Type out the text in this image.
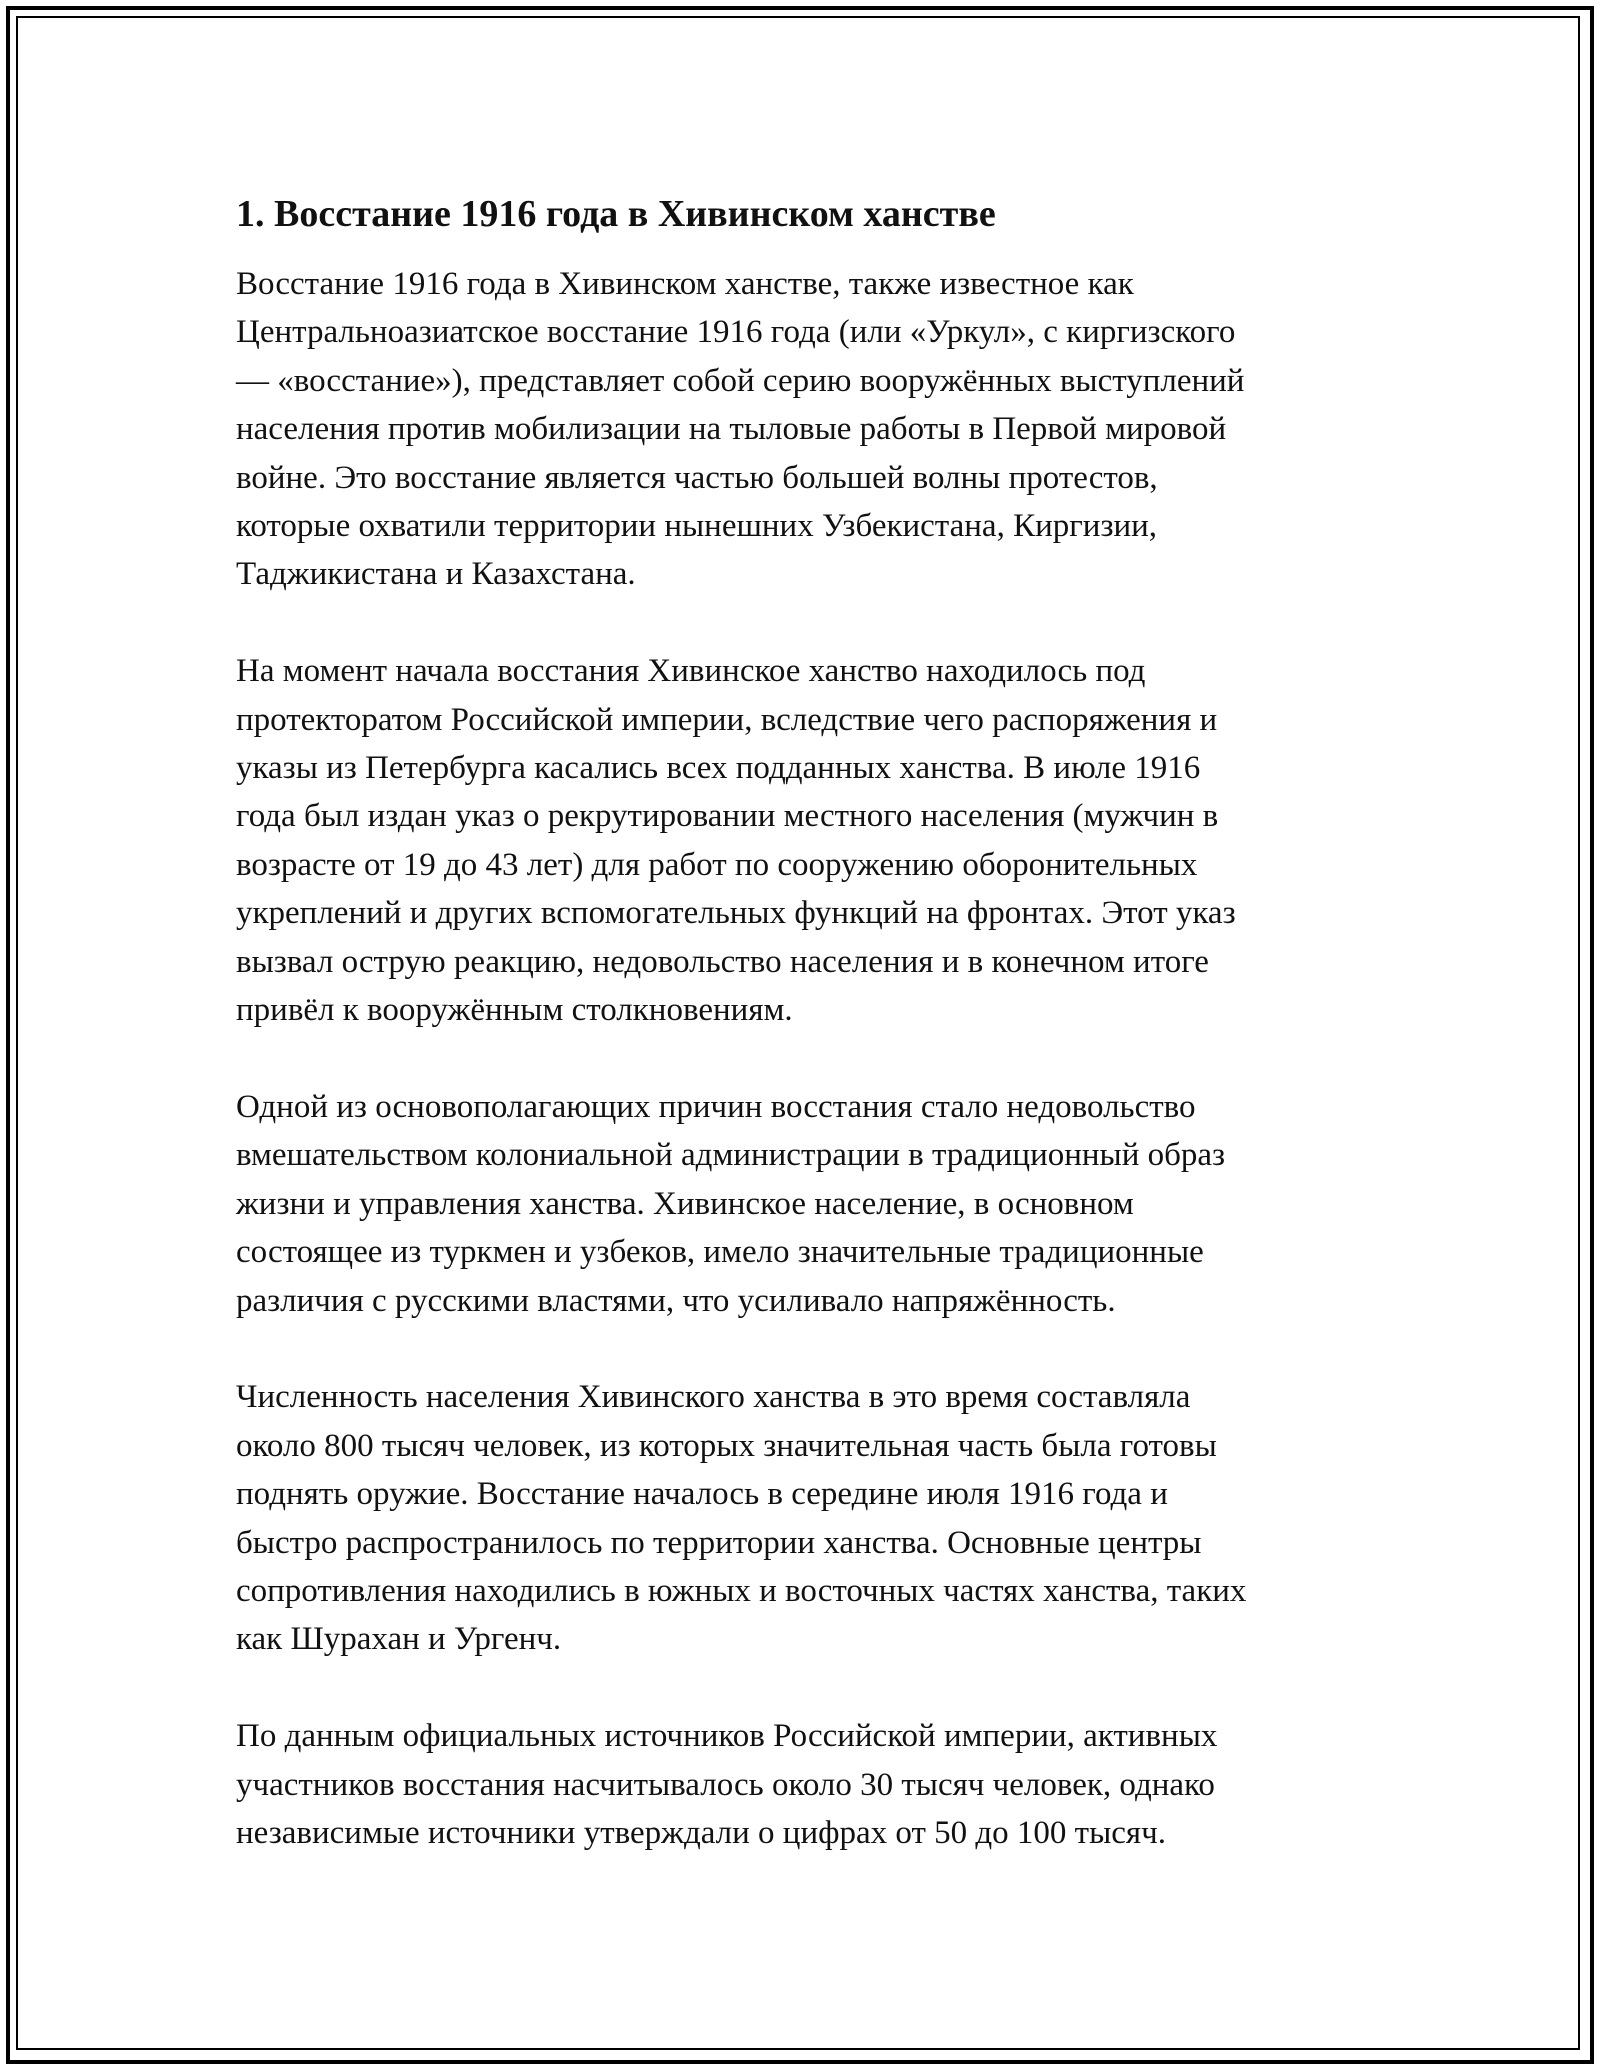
1. Восстание 1916 года в Хивинском ханстве

Восстание 1916 года в Хивинском ханстве, также известное как
Центральноазиатское восстание 1916 года (или «Уркул», с киргизского
— «восстание»), представляет собой серию вооружённых выступлений
населения против мобилизации на тыловые работы в Первой мировой
войне. Это восстание является частью большей волны протестов,
которые охватили территории нынешних Узбекистана, Киргизии,
Таджикистана и Казахстана.

На момент начала восстания Хивинское ханство находилось под
протекторатом Российской империи, вследствие чего распоряжения и
указы из Петербурга касались всех подданных ханства. В июле 1916
года был издан указ о рекрутировании местного населения (мужчин в
возрасте от 19 до 43 лет) для работ по сооружению оборонительных
укреплений и других вспомогательных функций на фронтах. Этот указ
вызвал острую реакцию, недовольство населения и в конечном итоге
привёл к вооружённым столкновениям.

Одной из основополагающих причин восстания стало недовольство
вмешательством колониальной администрации в традиционный образ
жизни и управления ханства. Хивинское население, в основном
состоящее из туркмен и узбеков, имело значительные традиционные
различия с русскими властями, что усиливало напряжённость.

Численность населения Хивинского ханства в это время составляла
около 800 тысяч человек, из которых значительная часть была готовы
поднять оружие. Восстание началось в середине июля 1916 года и
быстро распространилось по территории ханства. Основные центры
сопротивления находились в южных и восточных частях ханства, таких
как Шурахан и Ургенч.

По данным официальных источников Российской империи, активных
участников восстания насчитывалось около 30 тысяч человек, однако
независимые источники утверждали о цифрах от 50 до 100 тысяч.
